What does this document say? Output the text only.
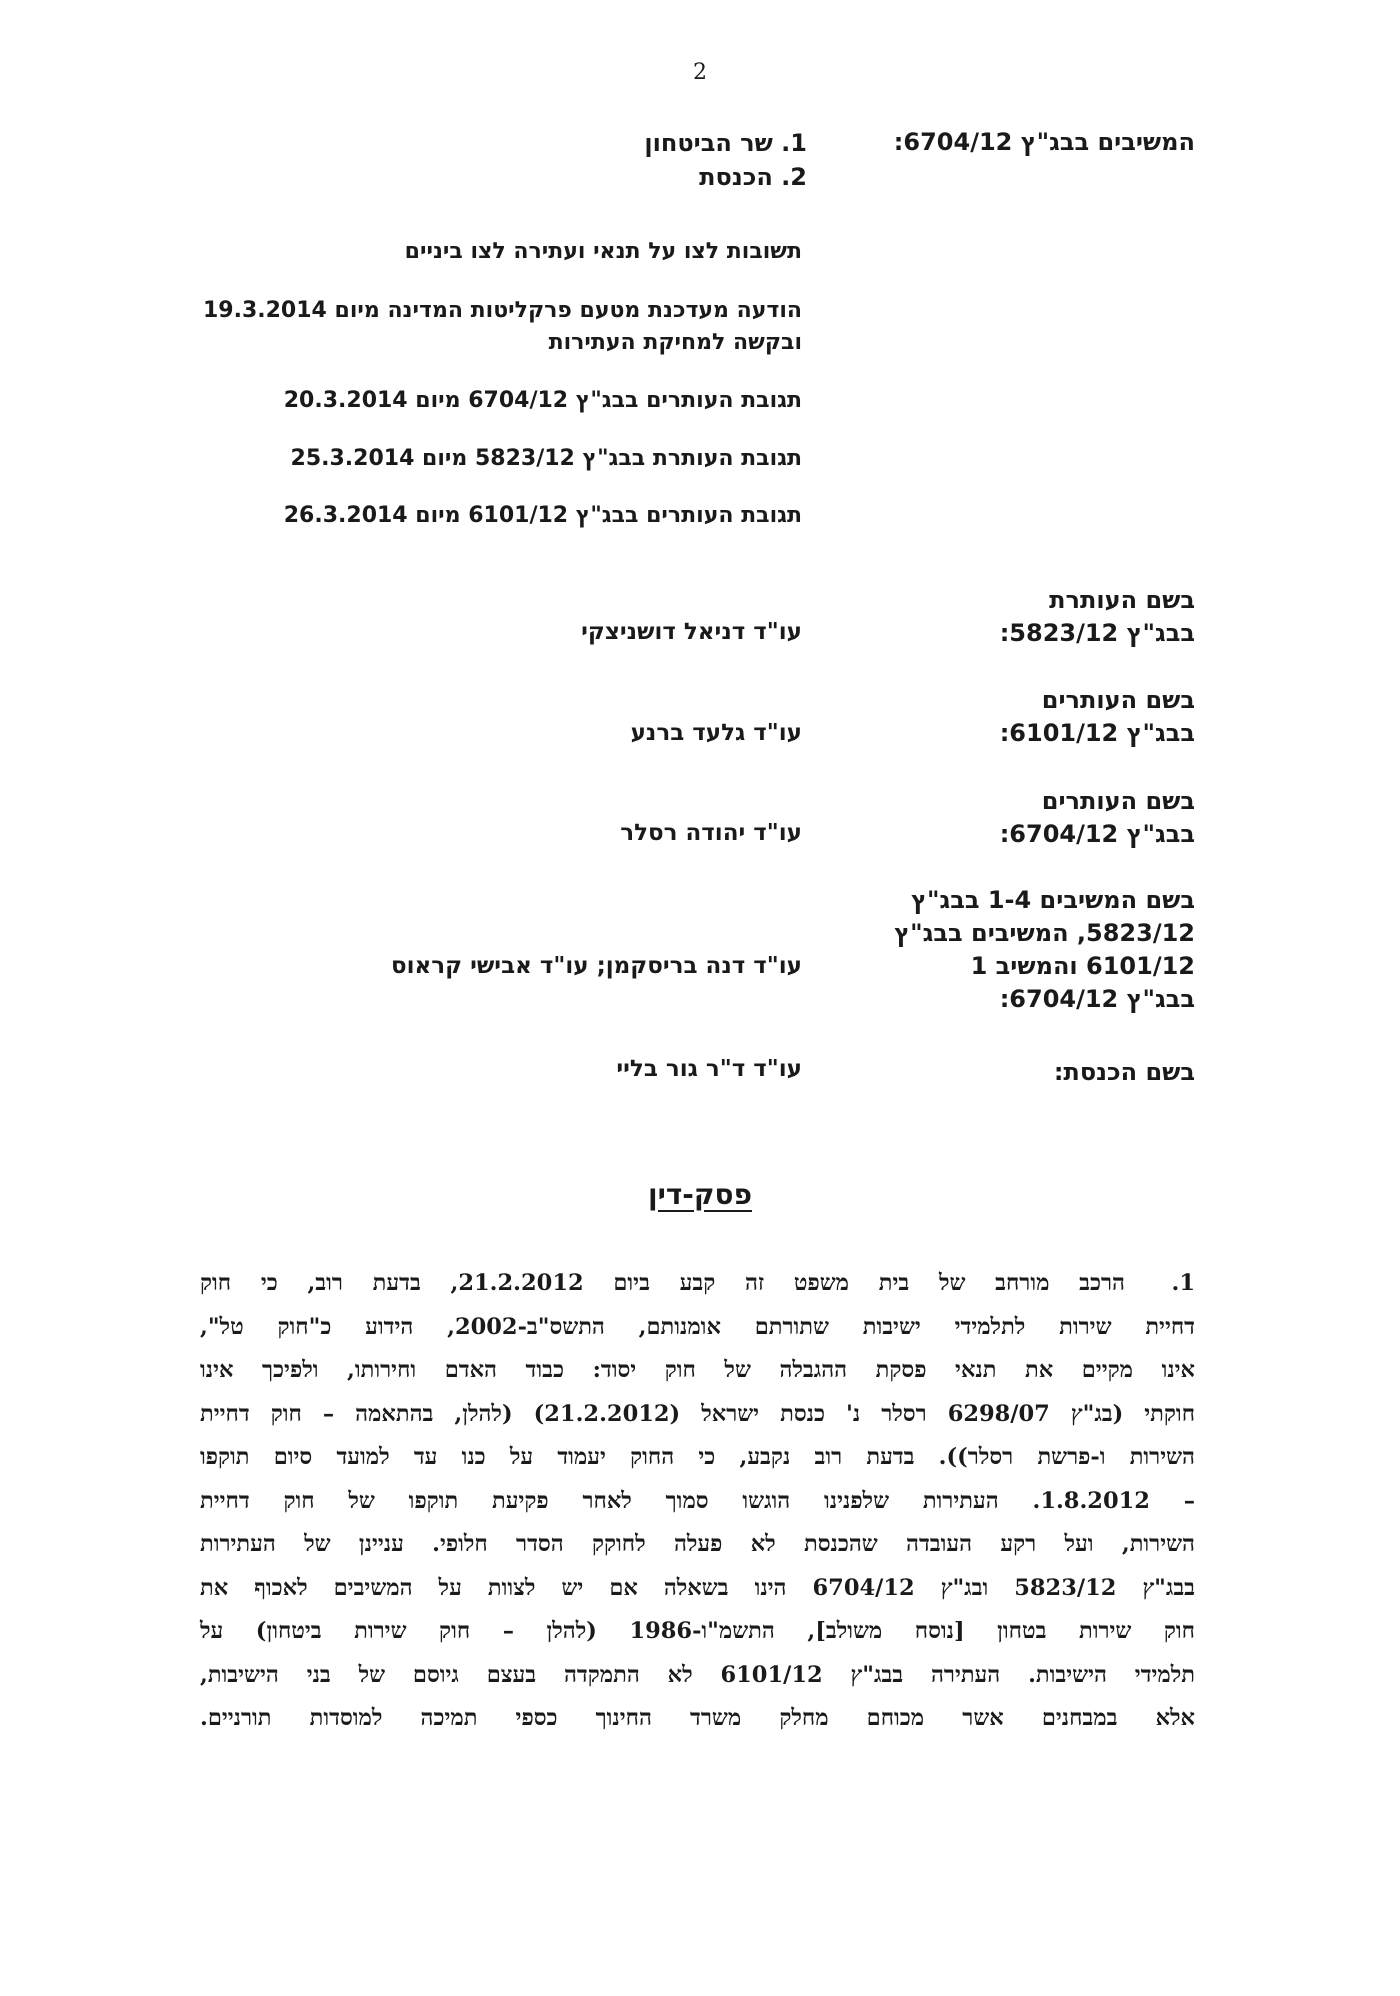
2
המשיבים בבג"ץ 6704/12:
1. שר הביטחון
2. הכנסת
תשובות לצו על תנאי ועתירה לצו ביניים
הודעה מעדכנת מטעם פרקליטות המדינה מיום 19.3.2014
ובקשה למחיקת העתירות
תגובת העותרים בבג"ץ 6704/12 מיום 20.3.2014
תגובת העותרת בבג"ץ 5823/12 מיום 25.3.2014
תגובת העותרים בבג"ץ 6101/12 מיום 26.3.2014
בשם העותרת
בבג"ץ 5823/12:
עו"ד דניאל דושניצקי
בשם העותרים
בבג"ץ 6101/12:
עו"ד גלעד ברנע
בשם העותרים
בבג"ץ 6704/12:
עו"ד יהודה רסלר
בשם המשיבים 1-4 בבג"ץ
5823/12, המשיבים בבג"ץ
6101/12 והמשיב 1
בבג"ץ 6704/12:
עו"ד דנה בריסקמן; עו"ד אבישי קראוס
בשם הכנסת:
עו"ד ד"ר גור בליי
פסק-דין
1.הרכב מורחב של בית משפט זה קבע ביום 21.2.2012, בדעת רוב, כי חוק
דחיית שירות לתלמידי ישיבות שתורתם אומנותם, התשס"ב-2002, הידוע כ"חוק טל",
אינו מקיים את תנאי פסקת ההגבלה של חוק יסוד: כבוד האדם וחירותו, ולפיכך אינו
חוקתי (בג"ץ 6298/07 רסלר נ' כנסת ישראל (21.2.2012) (להלן, בהתאמה – חוק דחיית
השירות ו-פרשת רסלר)). בדעת רוב נקבע, כי החוק יעמוד על כנו עד למועד סיום תוקפו
– 1.8.2012. העתירות שלפנינו הוגשו סמוך לאחר פקיעת תוקפו של חוק דחיית
השירות, ועל רקע העובדה שהכנסת לא פעלה לחוקק הסדר חלופי. עניינן של העתירות
בבג"ץ 5823/12 ובג"ץ 6704/12 הינו בשאלה אם יש לצוות על המשיבים לאכוף את
חוק שירות בטחון [נוסח משולב], התשמ"ו-1986 (להלן – חוק שירות ביטחון) על
תלמידי הישיבות. העתירה בבג"ץ 6101/12 לא התמקדה בעצם גיוסם של בני הישיבות,
אלא במבחנים אשר מכוחם מחלק משרד החינוך כספי תמיכה למוסדות תורניים.
